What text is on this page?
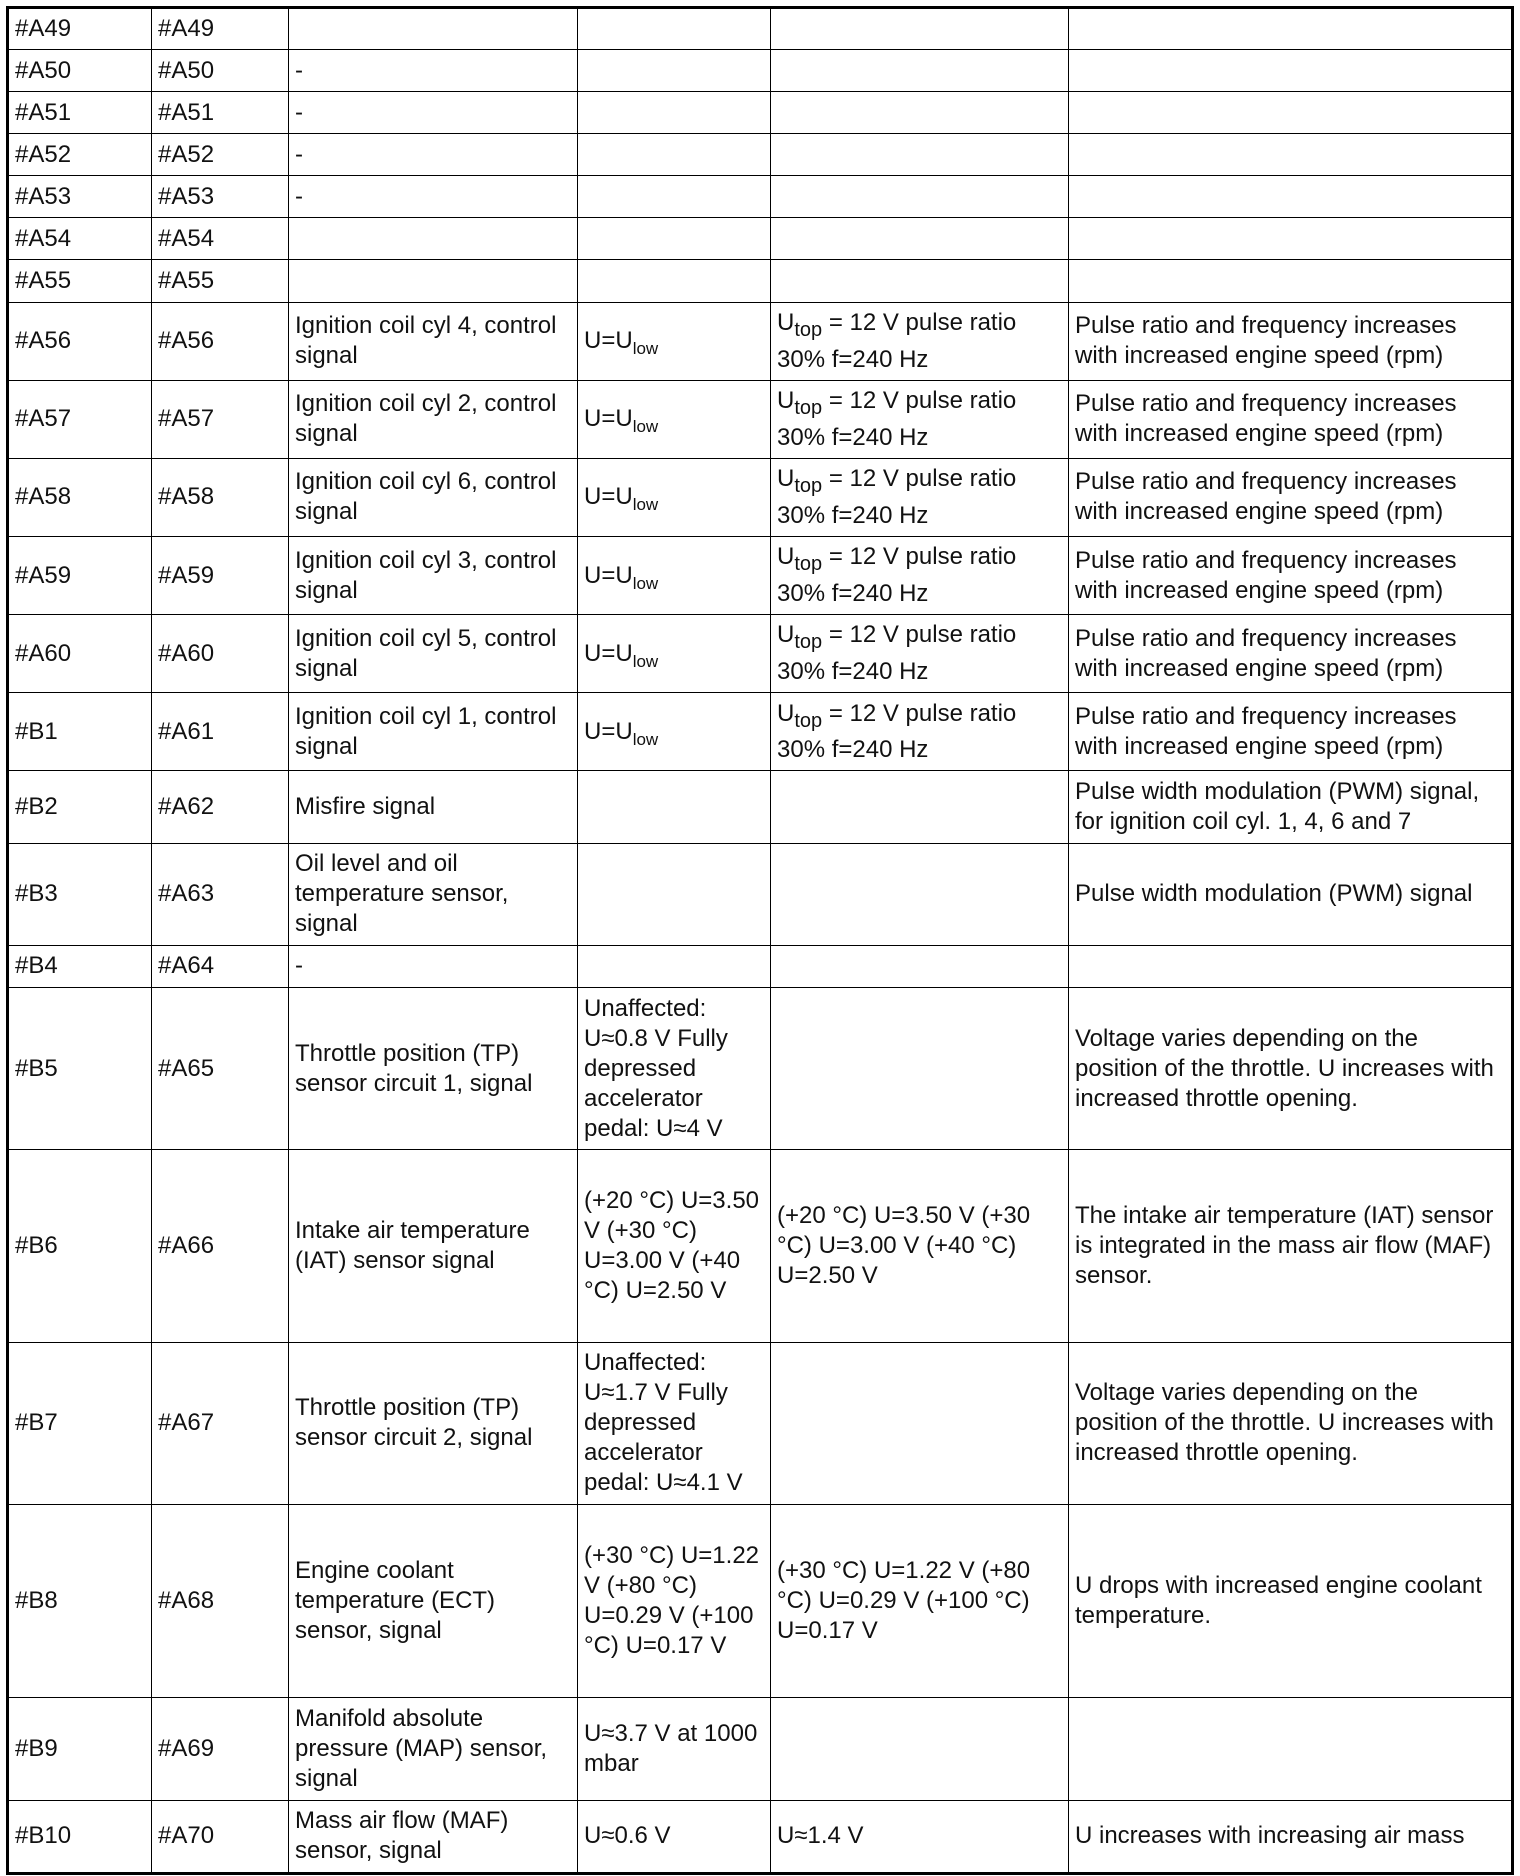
#A49	#A49				
#A50	#A50	-			
#A51	#A51	-			
#A52	#A52	-			
#A53	#A53	-			
#A54	#A54				
#A55	#A55				
#A56	#A56	Ignition coil cyl 4, control signal	$U=U_{low}$	$U_{top} = 12$ V pulse ratio 30% f=240 Hz	Pulse ratio and frequency increases with increased engine speed (rpm)
#A57	#A57	Ignition coil cyl 2, control signal	$U=U_{low}$	$U_{top} = 12$ V pulse ratio 30% f=240 Hz	Pulse ratio and frequency increases with increased engine speed (rpm)
#A58	#A58	Ignition coil cyl 6, control signal	$U=U_{low}$	$U_{top} = 12$ V pulse ratio 30% f=240 Hz	Pulse ratio and frequency increases with increased engine speed (rpm)
#A59	#A59	Ignition coil cyl 3, control signal	$U=U_{low}$	$U_{top} = 12$ V pulse ratio 30% f=240 Hz	Pulse ratio and frequency increases with increased engine speed (rpm)
#A60	#A60	Ignition coil cyl 5, control signal	$U=U_{low}$	$U_{top} = 12$ V pulse ratio 30% f=240 Hz	Pulse ratio and frequency increases with increased engine speed (rpm)
#B1	#A61	Ignition coil cyl 1, control signal	$U=U_{low}$	$U_{top} = 12$ V pulse ratio 30% f=240 Hz	Pulse ratio and frequency increases with increased engine speed (rpm)
#B2	#A62	Misfire signal			Pulse width modulation (PWM) signal, for ignition coil cyl. 1, 4, 6 and 7
#B3	#A63	Oil level and oil temperature sensor, signal			Pulse width modulation (PWM) signal
#B4	#A64	-			
#B5	#A65	Throttle position (TP) sensor circuit 1, signal	Unaffected: U≈0.8 V Fully depressed accelerator pedal: U≈4 V		Voltage varies depending on the position of the throttle. U increases with increased throttle opening.
#B6	#A66	Intake air temperature (IAT) sensor signal	(+20 °C) U=3.50 V (+30 °C) U=3.00 V (+40 °C) U=2.50 V	(+20 °C) U=3.50 V (+30 °C) U=3.00 V (+40 °C) U=2.50 V	The intake air temperature (IAT) sensor is integrated in the mass air flow (MAF) sensor.
#B7	#A67	Throttle position (TP) sensor circuit 2, signal	Unaffected: U≈1.7 V Fully depressed accelerator pedal: U≈4.1 V		Voltage varies depending on the position of the throttle. U increases with increased throttle opening.
#B8	#A68	Engine coolant temperature (ECT) sensor, signal	(+30 °C) U=1.22 V (+80 °C) U=0.29 V (+100 °C) U=0.17 V	(+30 °C) U=1.22 V (+80 °C) U=0.29 V (+100 °C) U=0.17 V	U drops with increased engine coolant temperature.
#B9	#A69	Manifold absolute pressure (MAP) sensor, signal	U≈3.7 V at 1000 mbar		
#B10	#A70	Mass air flow (MAF) sensor, signal	U≈0.6 V	U≈1.4 V	U increases with increasing air mass
